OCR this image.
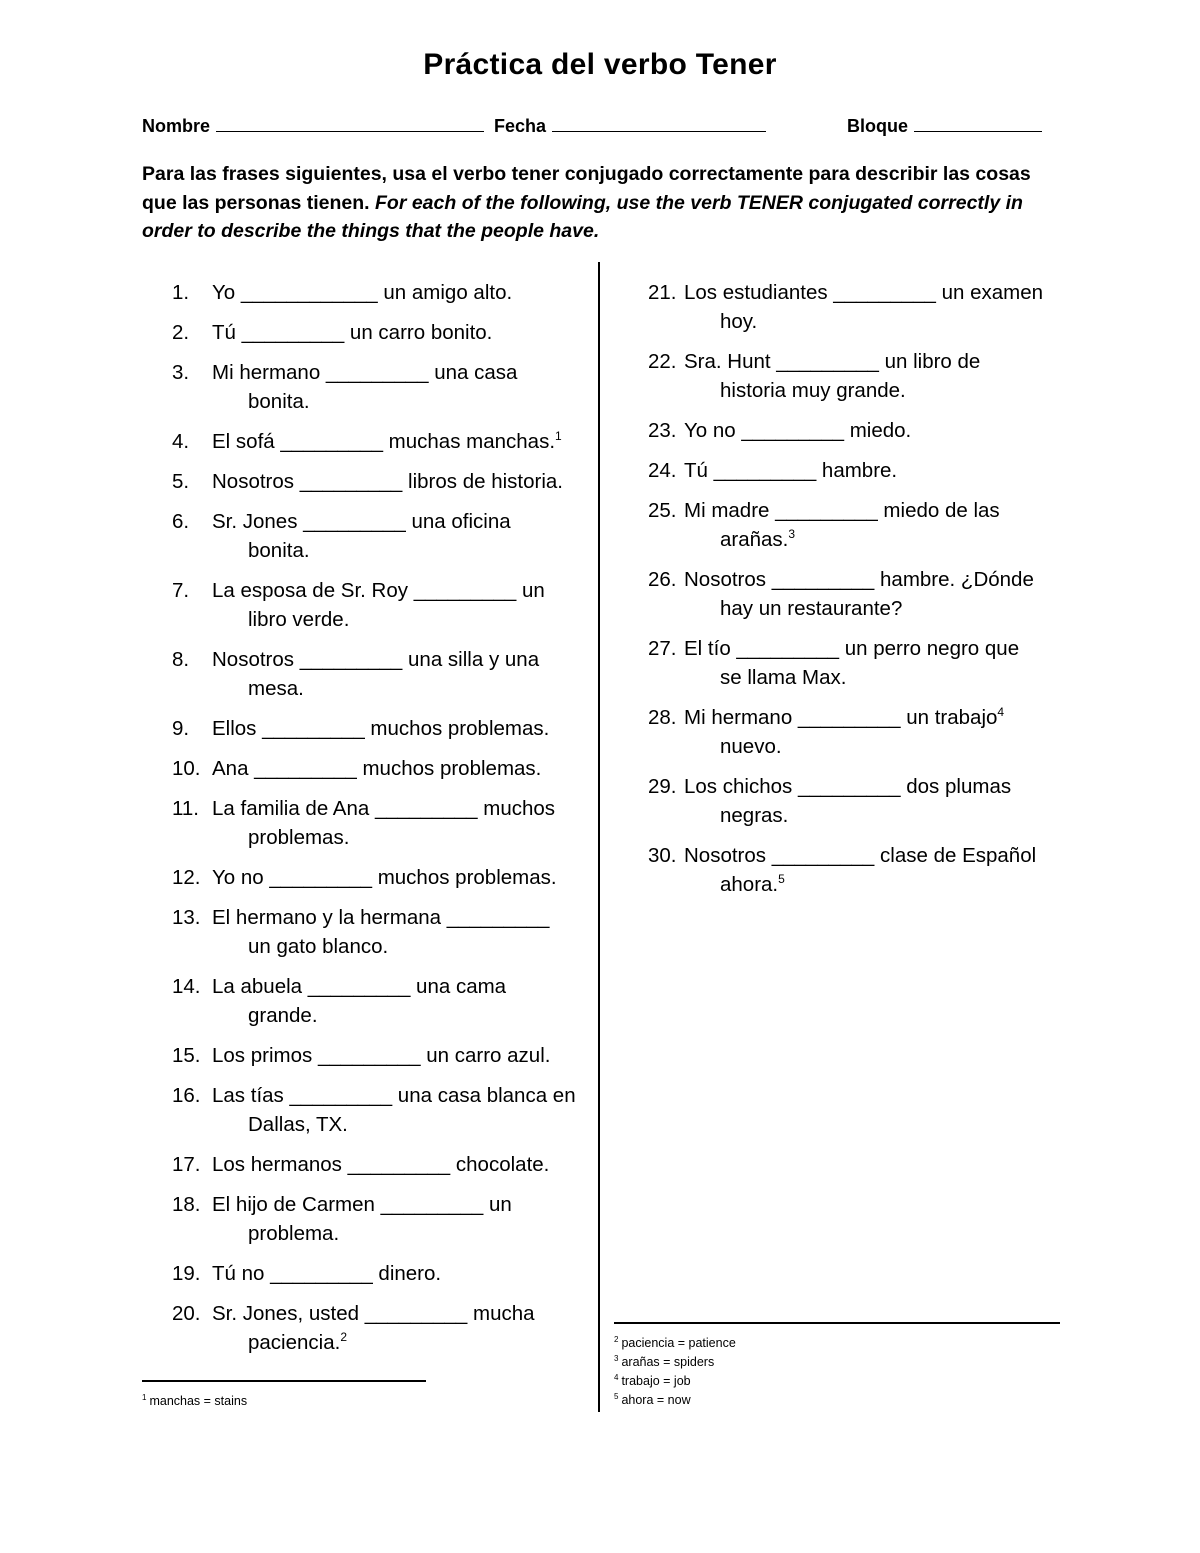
Práctica del verbo Tener
Nombre	Fecha	Bloque
Para las frases siguientes, usa el verbo tener conjugado correctamente para describir las cosas que las personas tienen. For each of the following, use the verb TENER conjugated correctly in order to describe the things that the people have.
1. Yo ____________ un amigo alto.
2. Tú _________ un carro bonito.
3. Mi hermano _________ una casa
bonita.
4. El sofá _________ muchas manchas.$^1$
5. Nosotros _________ libros de historia.
6. Sr. Jones _________ una oficina
bonita.
7. La esposa de Sr. Roy _________ un
libro verde.
8. Nosotros _________ una silla y una
mesa.
9. Ellos _________ muchos problemas.
10. Ana _________ muchos problemas.
11. La familia de Ana _________ muchos
problemas.
12. Yo no _________ muchos problemas.
13. El hermano y la hermana _________
un gato blanco.
14. La abuela _________ una cama
grande.
15. Los primos _________ un carro azul.
16. Las tías _________ una casa blanca en
Dallas, TX.
17. Los hermanos _________ chocolate.
18. El hijo de Carmen _________ un
problema.
19. Tú no _________ dinero.
20. Sr. Jones, usted _________ mucha
paciencia.$^2$
21. Los estudiantes _________ un examen
hoy.
22. Sra. Hunt _________ un libro de
historia muy grande.
23. Yo no _________ miedo.
24. Tú _________ hambre.
25. Mi madre _________ miedo de las
arañas.$^3$
26. Nosotros _________ hambre. ¿Dónde
hay un restaurante?
27. El tío _________ un perro negro que
se llama Max.
28. Mi hermano _________ un trabajo$^4$
nuevo.
29. Los chichos _________ dos plumas
negras.
30. Nosotros _________ clase de Español
ahora.$^5$
$^1$ manchas = stains
$^2$ paciencia = patience
$^3$ arañas = spiders
$^4$ trabajo = job
$^5$ ahora = now
